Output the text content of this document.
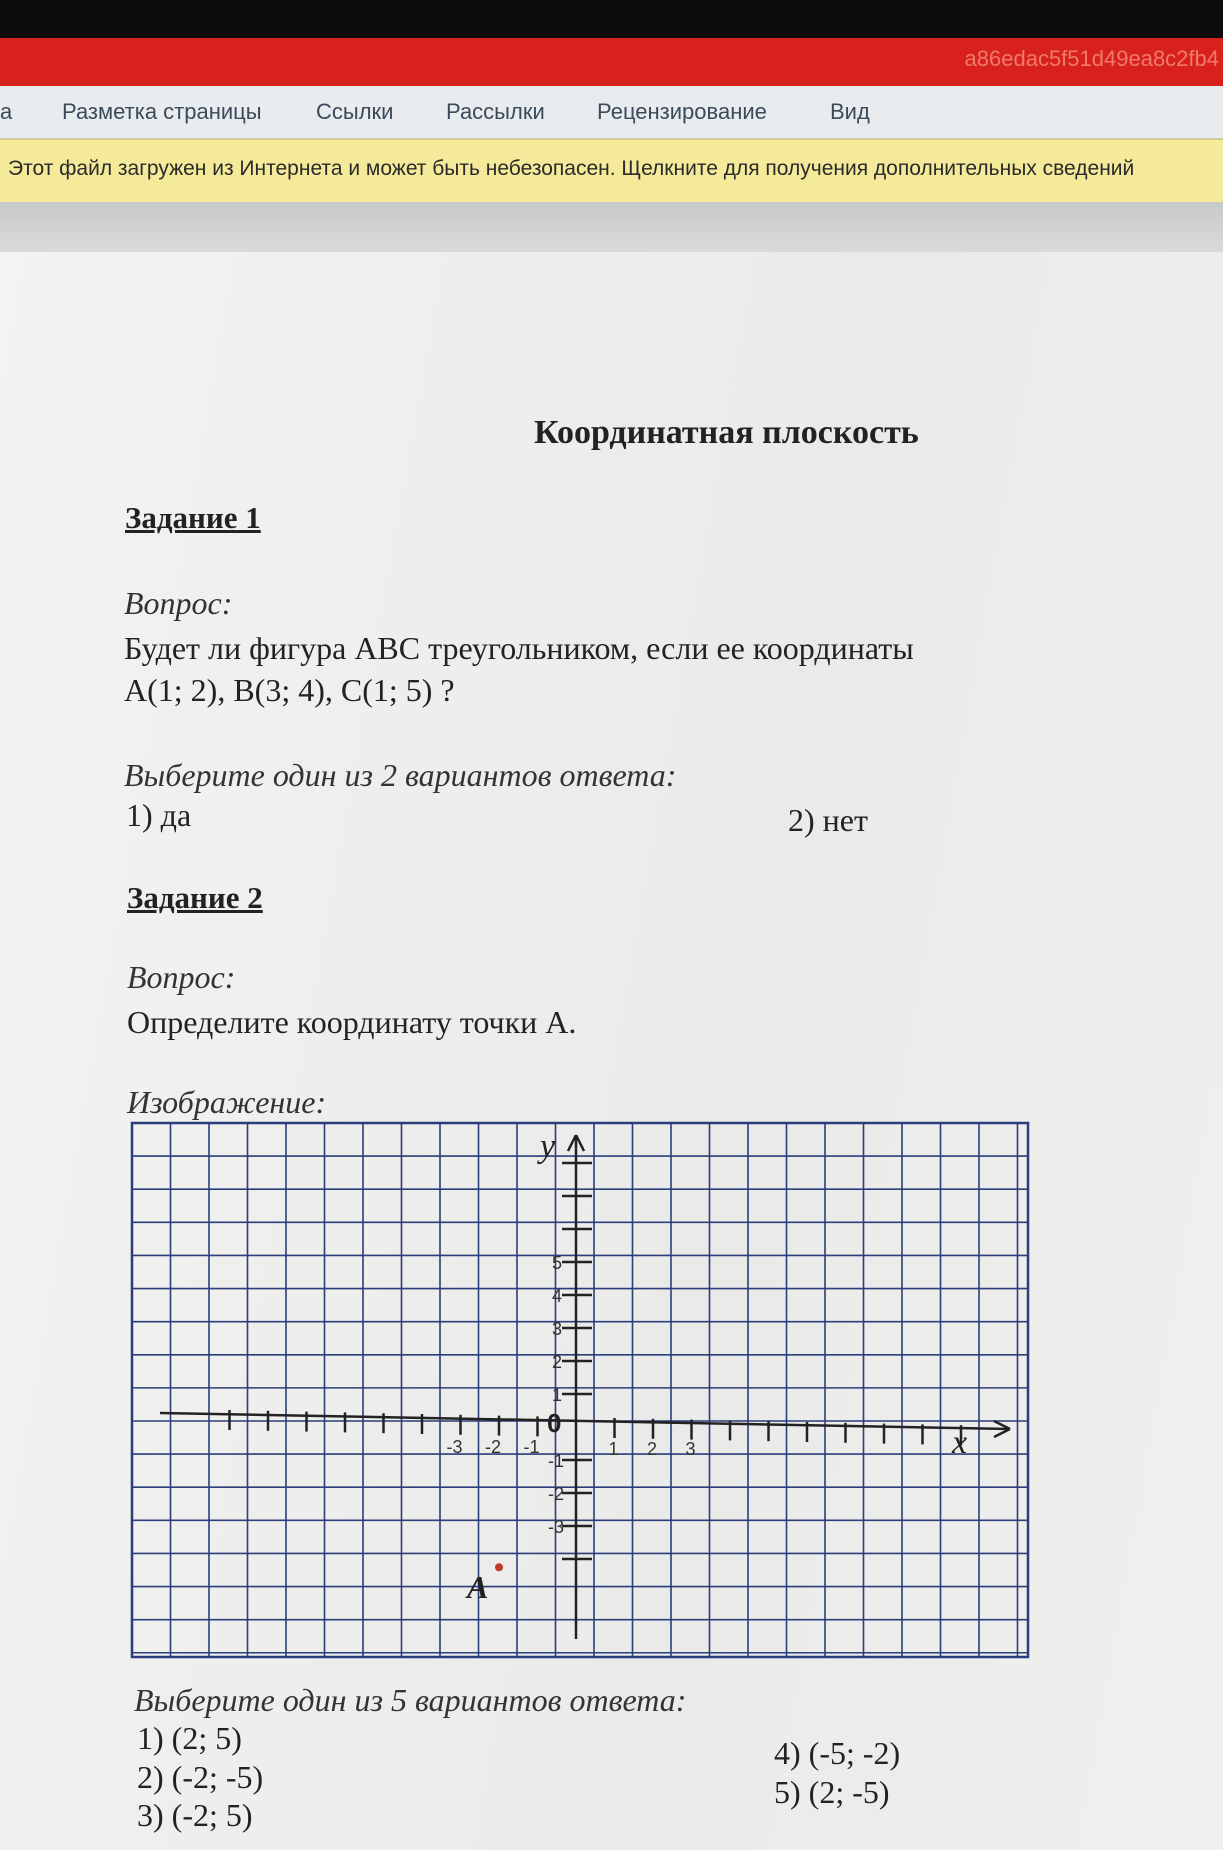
a86edac5f51d49ea8c2fb4
а Разметка страницы Ссылки Рассылки Рецензирование	Вид
Этот файл загружен из Интернета и может быть небезопасен. Щелкните для получения дополнительных сведений
Координатная плоскость
Задание 1
Вопрос:
Будет ли фигура ABC треугольником, если ее координаты
A(1; 2), B(3; 4), C(1; 5) ?
Выберите один из 2 вариантов ответа:
1) да	2) нет
Задание 2
Вопрос:
Определите координату точки A.
Изображение:
y
x
0
-3 -2 -1	1 2 3
1
2
3
4
5
-1
-2
-3
A
Выберите один из 5 вариантов ответа:
1) (2; 5)
2) (-2; -5)
3) (-2; 5)
4) (-5; -2)
5) (2; -5)
